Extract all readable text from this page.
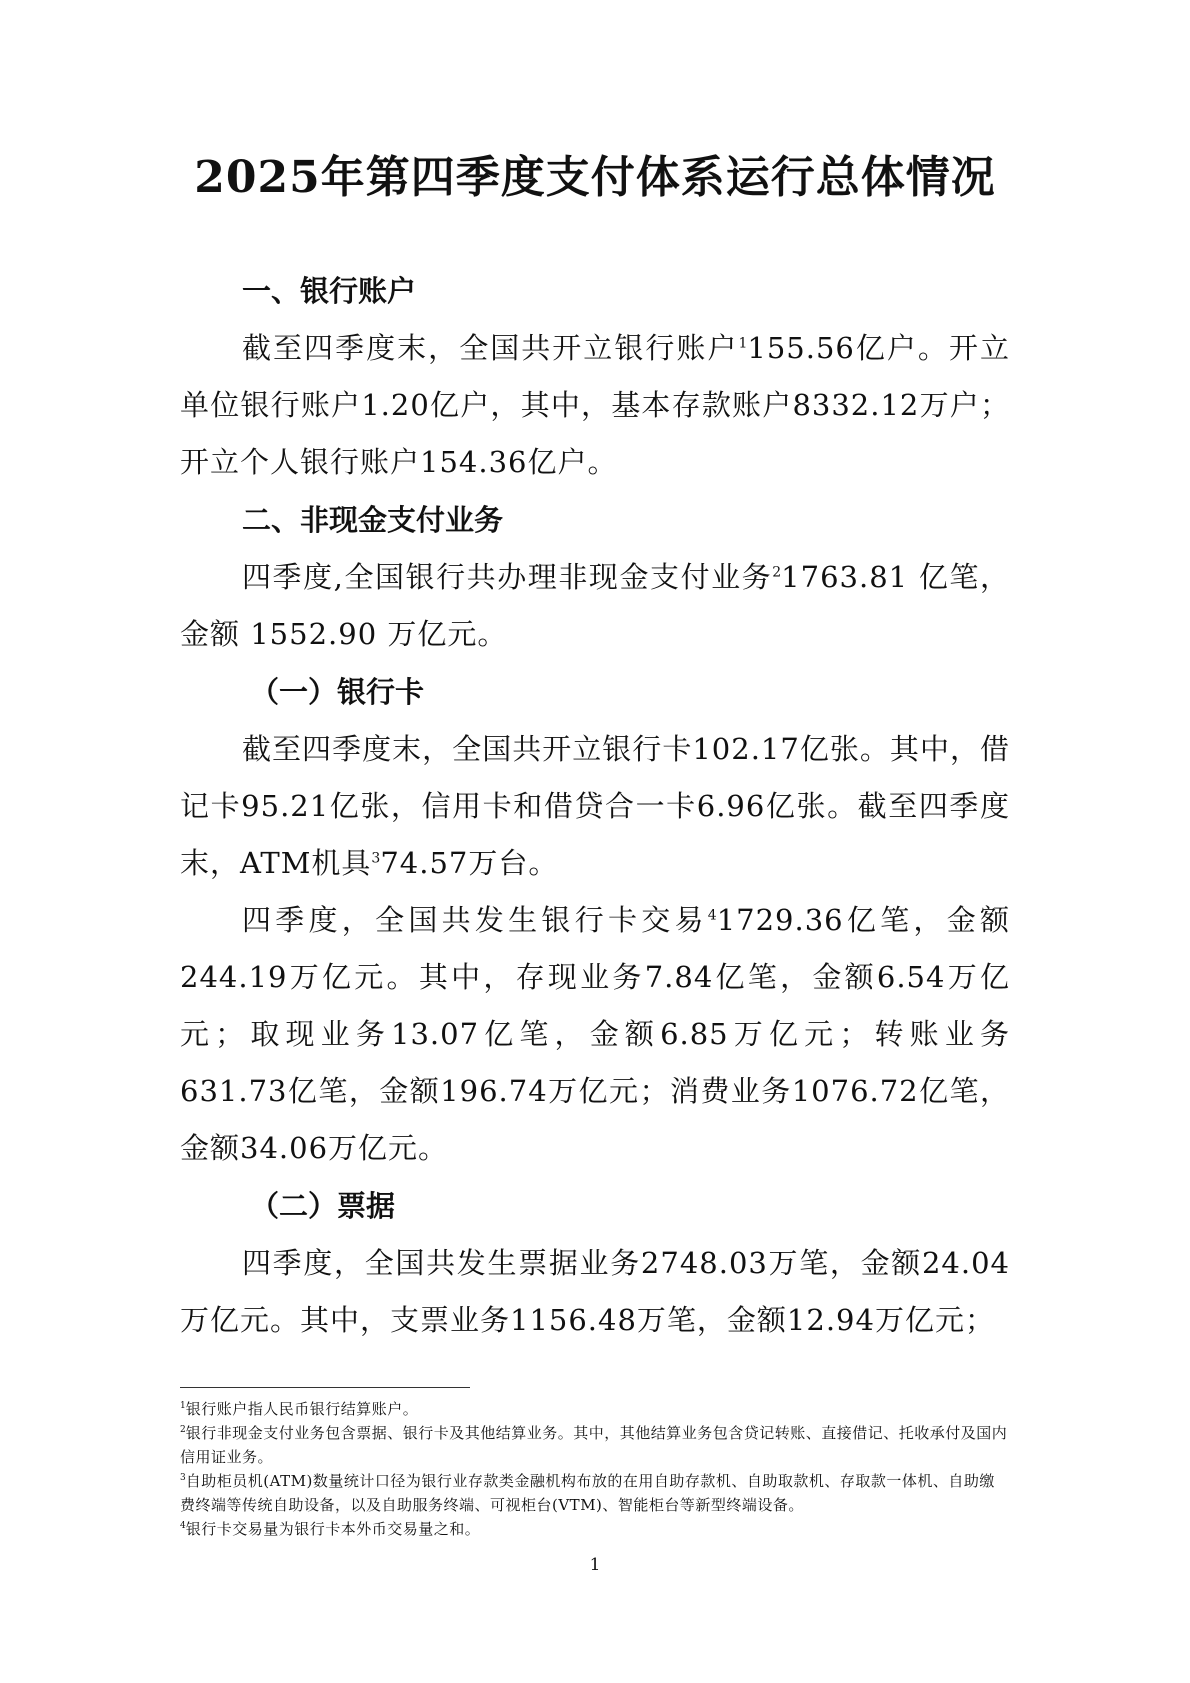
2025年第四季度支付体系运行总体情况
一、银行账户

截至四季度末，全国共开立银行账户$^1$155.56亿户。开立单位银行账户1.20亿户，其中，基本存款账户8332.12万户；开立个人银行账户154.36亿户。

二、非现金支付业务

四季度,全国银行共办理非现金支付业务$^2$1763.81 亿笔，金额 1552.90 万亿元。

（一）银行卡

截至四季度末，全国共开立银行卡102.17亿张。其中，借记卡95.21亿张，信用卡和借贷合一卡6.96亿张。截至四季度末，ATM机具$^3$74.57万台。

四季度，全国共发生银行卡交易$^4$1729.36亿笔，金额244.19万亿元。其中，存现业务7.84亿笔，金额6.54万亿元；取现业务13.07亿笔，金额6.85万亿元；转账业务631.73亿笔，金额196.74万亿元；消费业务1076.72亿笔，金额34.06万亿元。

（二）票据

四季度，全国共发生票据业务2748.03万笔，金额24.04万亿元。其中，支票业务1156.48万笔，金额12.94万亿元；

$^1$银行账户指人民币银行结算账户。

$^2$银行非现金支付业务包含票据、银行卡及其他结算业务。其中，其他结算业务包含贷记转账、直接借记、托收承付及国内信用证业务。

$^3$自助柜员机(ATM)数量统计口径为银行业存款类金融机构布放的在用自助存款机、自助取款机、存取款一体机、自助缴费终端等传统自助设备，以及自助服务终端、可视柜台(VTM)、智能柜台等新型终端设备。

$^4$银行卡交易量为银行卡本外币交易量之和。

1
